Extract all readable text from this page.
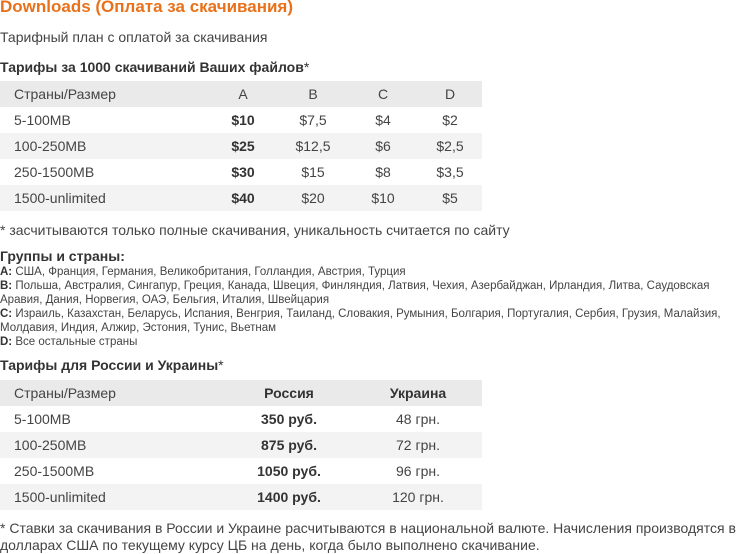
Downloads (Оплата за скачивания)
Тарифный план с оплатой за скачивания
Тарифы за 1000 скачиваний Ваших файлов*
Страны/Размер	A	B	C	D
5-100MB	$10	$7,5	$4	$2
100-250MB	$25	$12,5	$6	$2,5
250-1500MB	$30	$15	$8	$3,5
1500-unlimited	$40	$20	$10	$5
* засчитываются только полные скачивания, уникальность считается по сайту
Группы и страны:

A: США, Франция, Германия, Великобритания, Голландия, Австрия, Турция

B: Польша, Австралия, Сингапур, Греция, Канада, Швеция, Финляндия, Латвия, Чехия, Азербайджан, Ирландия, Литва, Саудовская Аравия, Дания, Норвегия, ОАЭ, Бельгия, Италия, Швейцария

C: Израиль, Казахстан, Беларусь, Испания, Венгрия, Таиланд, Словакия, Румыния, Болгария, Португалия, Сербия, Грузия, Малайзия, Молдавия, Индия, Алжир, Эстония, Тунис, Вьетнам

D: Все остальные страны

Тарифы для России и Украины*
Страны/Размер	Россия	Украина
5-100MB	350 руб.	48 грн.
100-250MB	875 руб.	72 грн.
250-1500MB	1050 руб.	96 грн.
1500-unlimited	1400 руб.	120 грн.
* Ставки за скачивания в России и Украине расчитываются в национальной валюте. Начисления производятся в долларах США по текущему курсу ЦБ на день, когда было выполнено скачивание.
